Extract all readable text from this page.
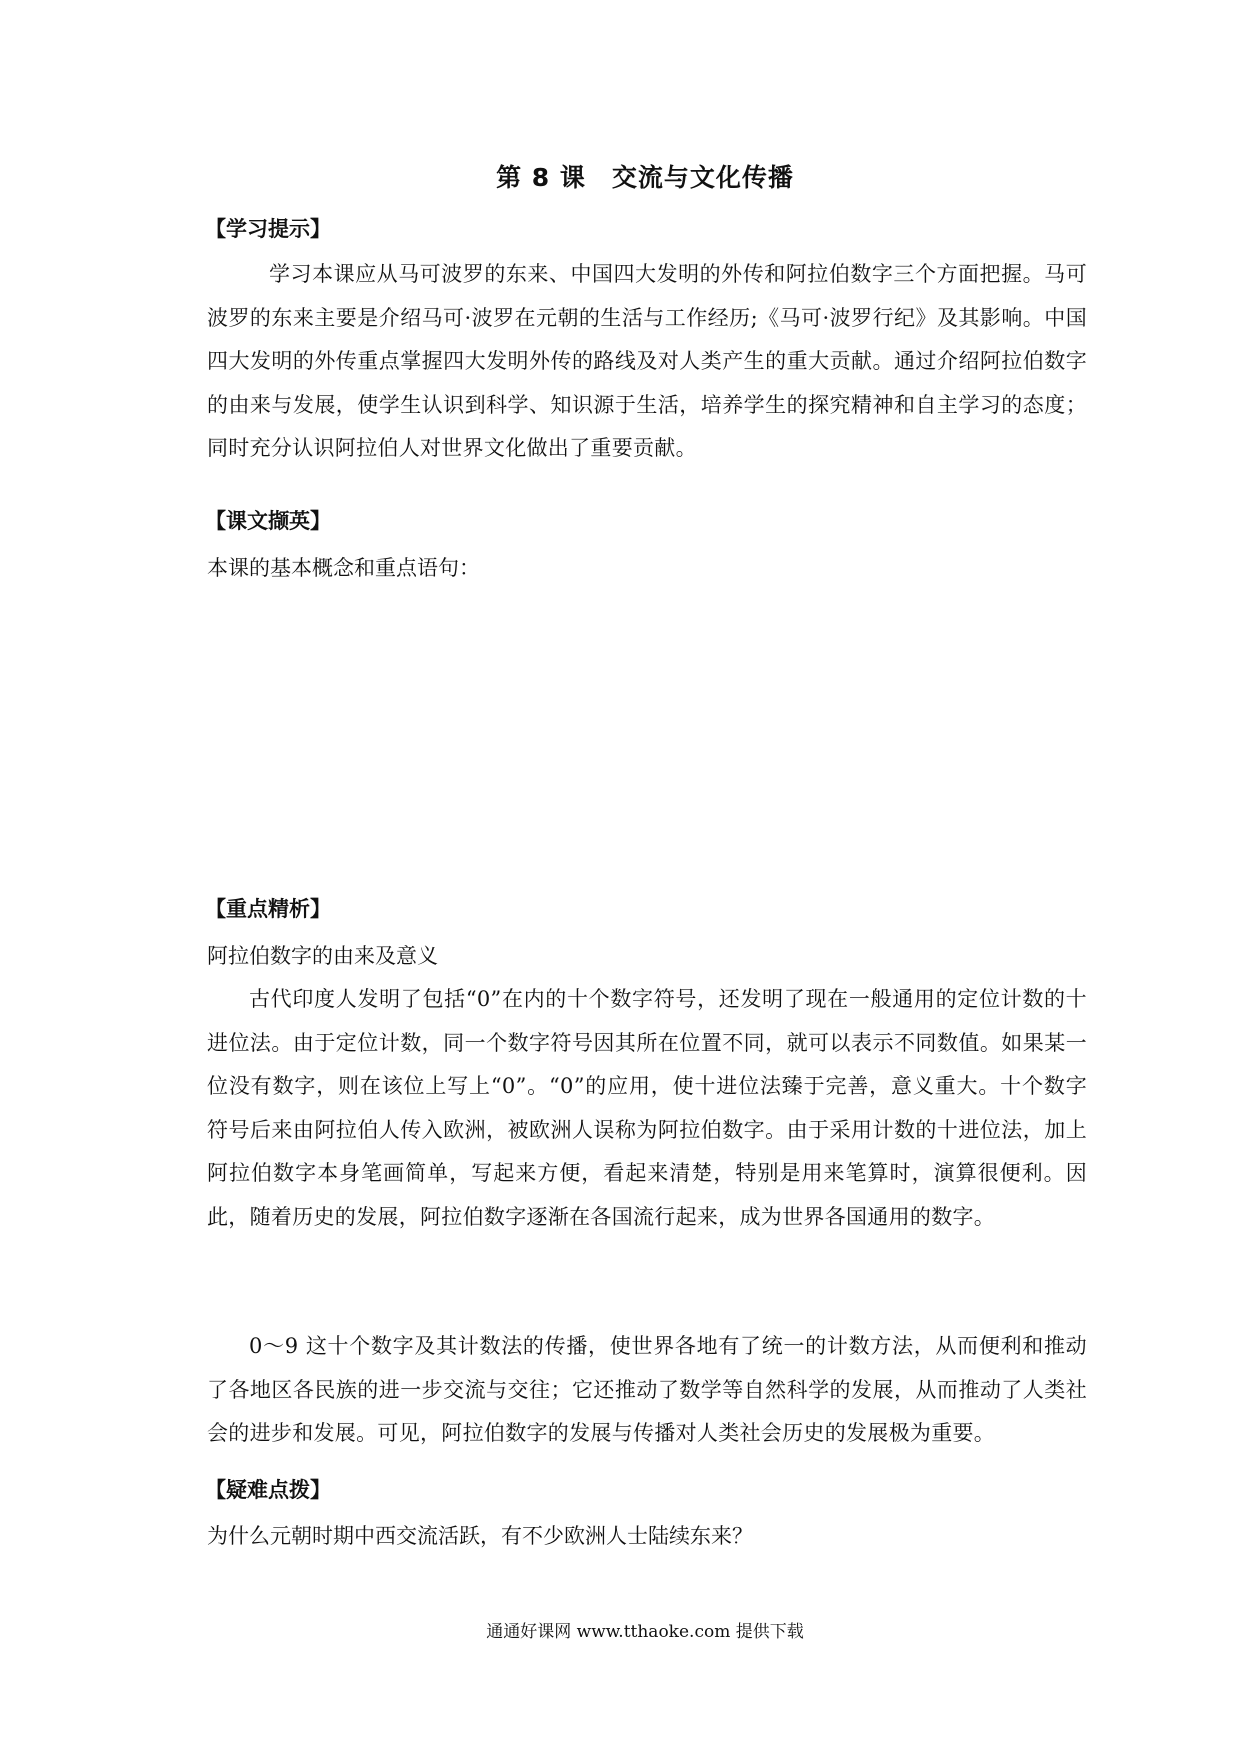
第 8 课　交流与文化传播
【学习提示】
学习本课应从马可波罗的东来、中国四大发明的外传和阿拉伯数字三个方面把握。马可波罗的东来主要是介绍马可·波罗在元朝的生活与工作经历;《马可·波罗行纪》及其影响。中国四大发明的外传重点掌握四大发明外传的路线及对人类产生的重大贡献。通过介绍阿拉伯数字的由来与发展，使学生认识到科学、知识源于生活，培养学生的探究精神和自主学习的态度；同时充分认识阿拉伯人对世界文化做出了重要贡献。
【课文撷英】
本课的基本概念和重点语句：
【重点精析】
阿拉伯数字的由来及意义
古代印度人发明了包括“0”在内的十个数字符号，还发明了现在一般通用的定位计数的十进位法。由于定位计数，同一个数字符号因其所在位置不同，就可以表示不同数值。如果某一位没有数字，则在该位上写上“0”。“0”的应用，使十进位法臻于完善，意义重大。十个数字符号后来由阿拉伯人传入欧洲，被欧洲人误称为阿拉伯数字。由于采用计数的十进位法，加上阿拉伯数字本身笔画简单，写起来方便，看起来清楚，特别是用来笔算时，演算很便利。因此，随着历史的发展，阿拉伯数字逐渐在各国流行起来，成为世界各国通用的数字。
0～9 这十个数字及其计数法的传播，使世界各地有了统一的计数方法，从而便利和推动了各地区各民族的进一步交流与交往；它还推动了数学等自然科学的发展，从而推动了人类社会的进步和发展。可见，阿拉伯数字的发展与传播对人类社会历史的发展极为重要。
【疑难点拨】
为什么元朝时期中西交流活跃，有不少欧洲人士陆续东来？
通通好课网 www.tthaoke.com 提供下载
